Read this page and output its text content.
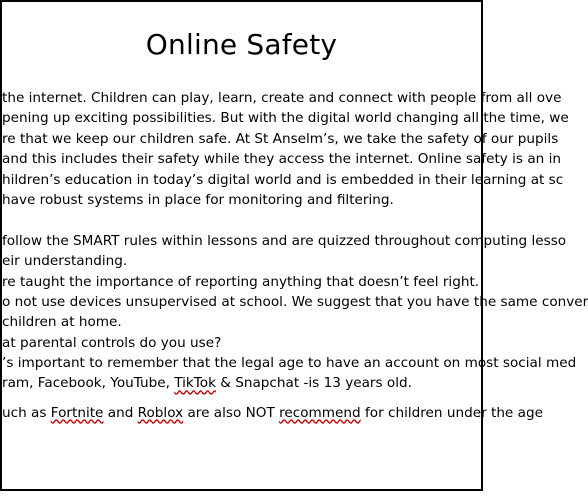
Online Safety
the internet. Children can play, learn, create and connect with people from all ove
pening up exciting possibilities. But with the digital world changing all the time, we
re that we keep our children safe. At St Anselm’s, we take the safety of our pupils
and this includes their safety while they access the internet. Online safety is an in
hildren’s education in today’s digital world and is embedded in their learning at sc
have robust systems in place for monitoring and filtering.
follow the SMART rules within lessons and are quizzed throughout computing lesso
eir understanding.
re taught the importance of reporting anything that doesn’t feel right.
o not use devices unsupervised at school. We suggest that you have the same conver
children at home.
at parental controls do you use?
’s important to remember that the legal age to have an account on most social med
ram, Facebook, YouTube, TikTok & Snapchat -is 13 years old.
uch as Fortnite and Roblox are also NOT recommend for children under the age
